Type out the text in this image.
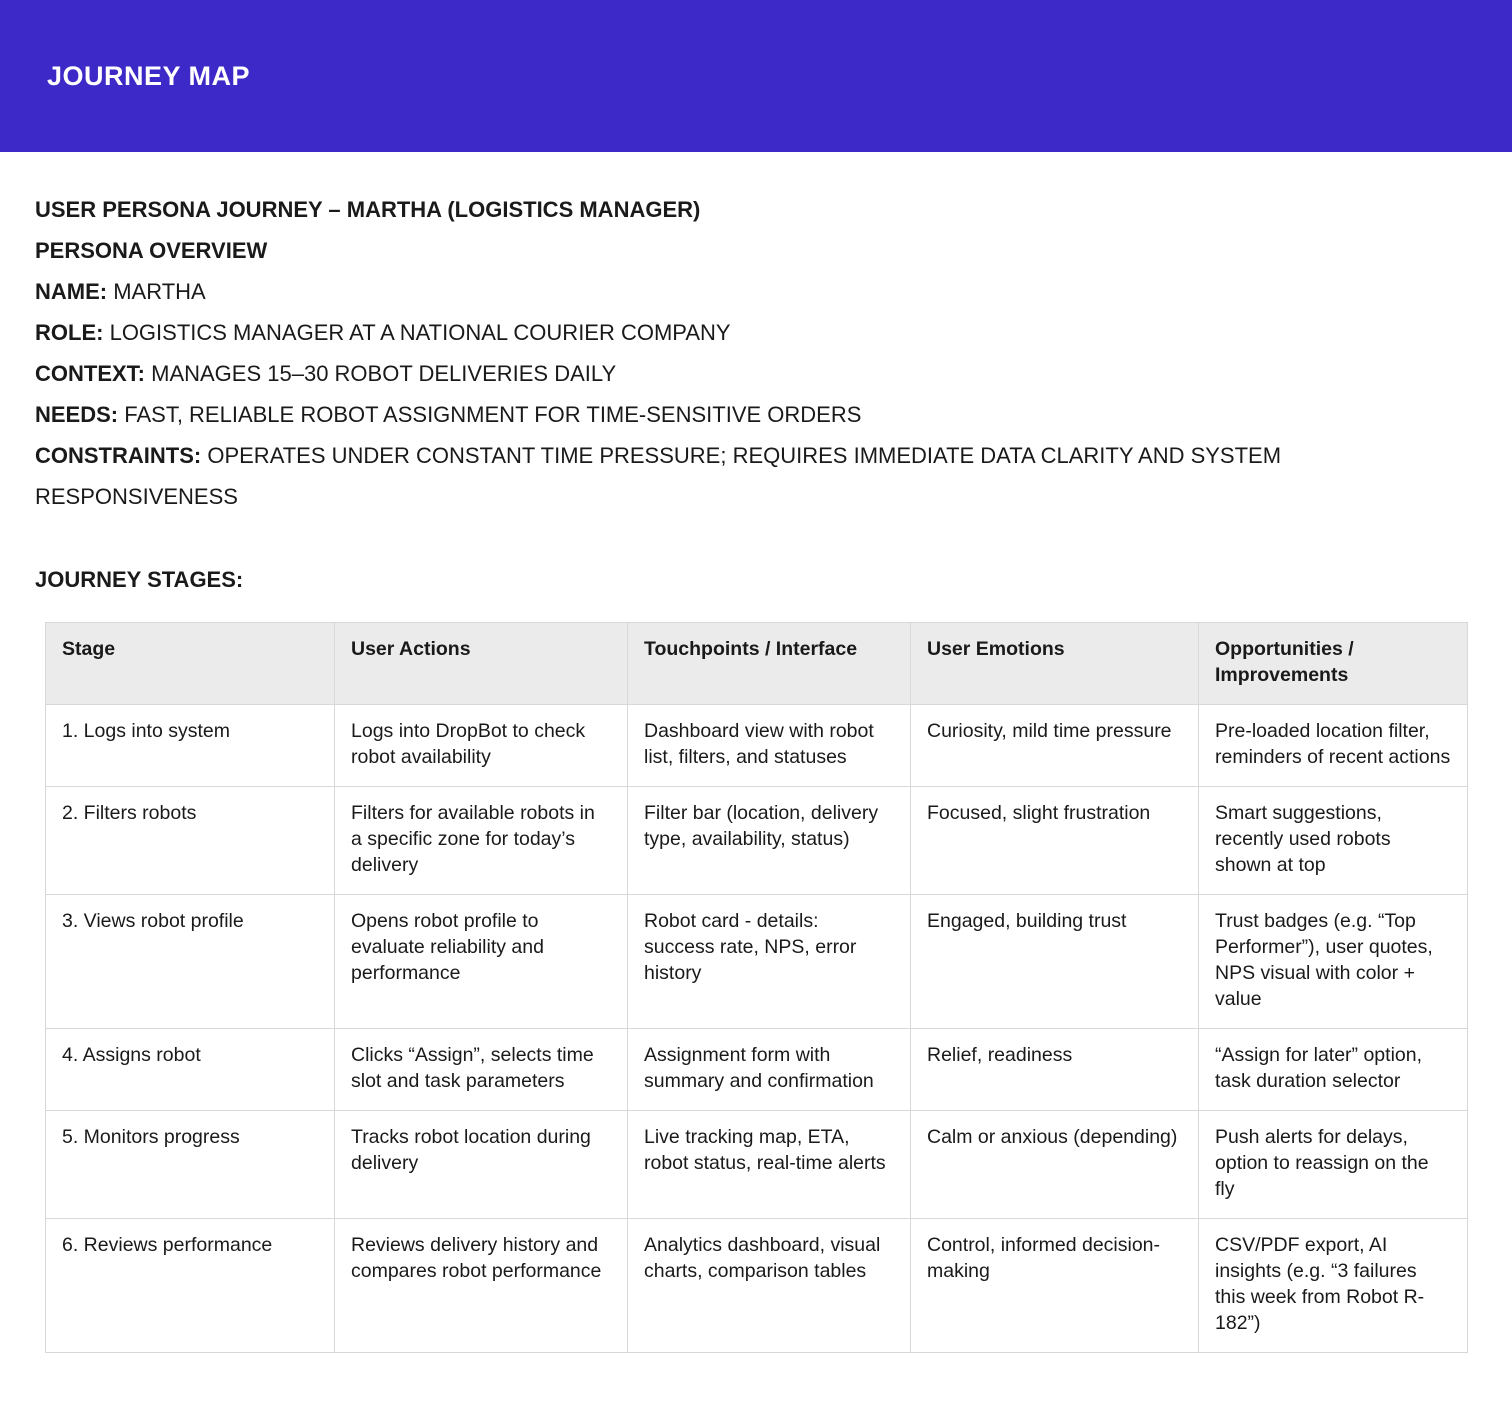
JOURNEY MAP

USER PERSONA JOURNEY – MARTHA (LOGISTICS MANAGER)

PERSONA OVERVIEW

NAME: MARTHA

ROLE: LOGISTICS MANAGER AT A NATIONAL COURIER COMPANY

CONTEXT: MANAGES 15–30 ROBOT DELIVERIES DAILY

NEEDS: FAST, RELIABLE ROBOT ASSIGNMENT FOR TIME-SENSITIVE ORDERS

CONSTRAINTS: OPERATES UNDER CONSTANT TIME PRESSURE; REQUIRES IMMEDIATE DATA CLARITY AND SYSTEM RESPONSIVENESS

JOURNEY STAGES:
Stage	User Actions	Touchpoints / Interface	User Emotions	Opportunities / Improvements
1. Logs into system	Logs into DropBot to check robot availability	Dashboard view with robot list, filters, and statuses	Curiosity, mild time pressure	Pre-loaded location filter, reminders of recent actions
2. Filters robots	Filters for available robots in a specific zone for today’s delivery	Filter bar (location, delivery type, availability, status)	Focused, slight frustration	Smart suggestions, recently used robots shown at top
3. Views robot profile	Opens robot profile to evaluate reliability and performance	Robot card - details: success rate, NPS, error history	Engaged, building trust	Trust badges (e.g. “Top Performer”), user quotes, NPS visual with color + value
4. Assigns robot	Clicks “Assign”, selects time slot and task parameters	Assignment form with summary and confirmation	Relief, readiness	“Assign for later” option, task duration selector
5. Monitors progress	Tracks robot location during delivery	Live tracking map, ETA, robot status, real-time alerts	Calm or anxious (depending)	Push alerts for delays, option to reassign on the fly
6. Reviews performance	Reviews delivery history and compares robot performance	Analytics dashboard, visual charts, comparison tables	Control, informed decision-making	CSV/PDF export, AI insights (e.g. “3 failures this week from Robot R-182”)
